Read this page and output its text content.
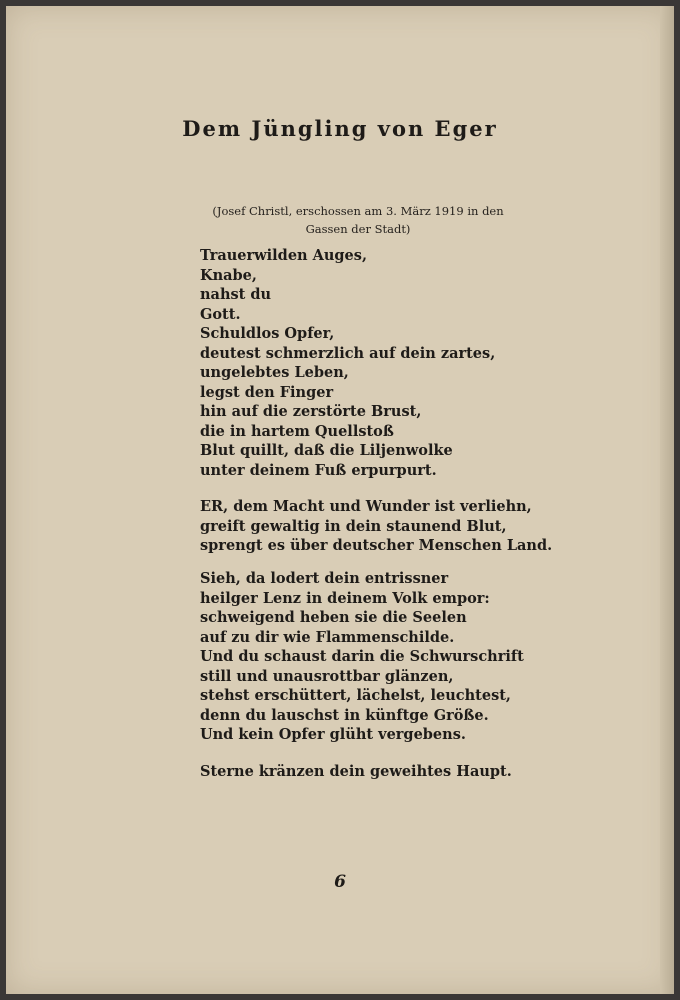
Dem Jüngling von Eger
(Josef Christl, erschossen am 3. März 1919 in den Gassen der Stadt)
Trauerwilden Auges,
Knabe,
nahst du
Gott.
Schuldlos Opfer,
deutest schmerzlich auf dein zartes,
ungelebtes Leben,
legst den Finger
hin auf die zerstörte Brust,
die in hartem Quellstoß
Blut quillt, daß die Liljenwolke
unter deinem Fuß erpurpurt.
ER, dem Macht und Wunder ist verliehn,
greift gewaltig in dein staunend Blut,
sprengt es über deutscher Menschen Land.
Sieh, da lodert dein entrissner
heilger Lenz in deinem Volk empor:
schweigend heben sie die Seelen
auf zu dir wie Flammenschilde.
Und du schaust darin die Schwurschrift
still und unausrottbar glänzen,
stehst erschüttert, lächelst, leuchtest,
denn du lauschst in künftge Größe.
Und kein Opfer glüht vergebens.
Sterne kränzen dein geweihtes Haupt.
6
